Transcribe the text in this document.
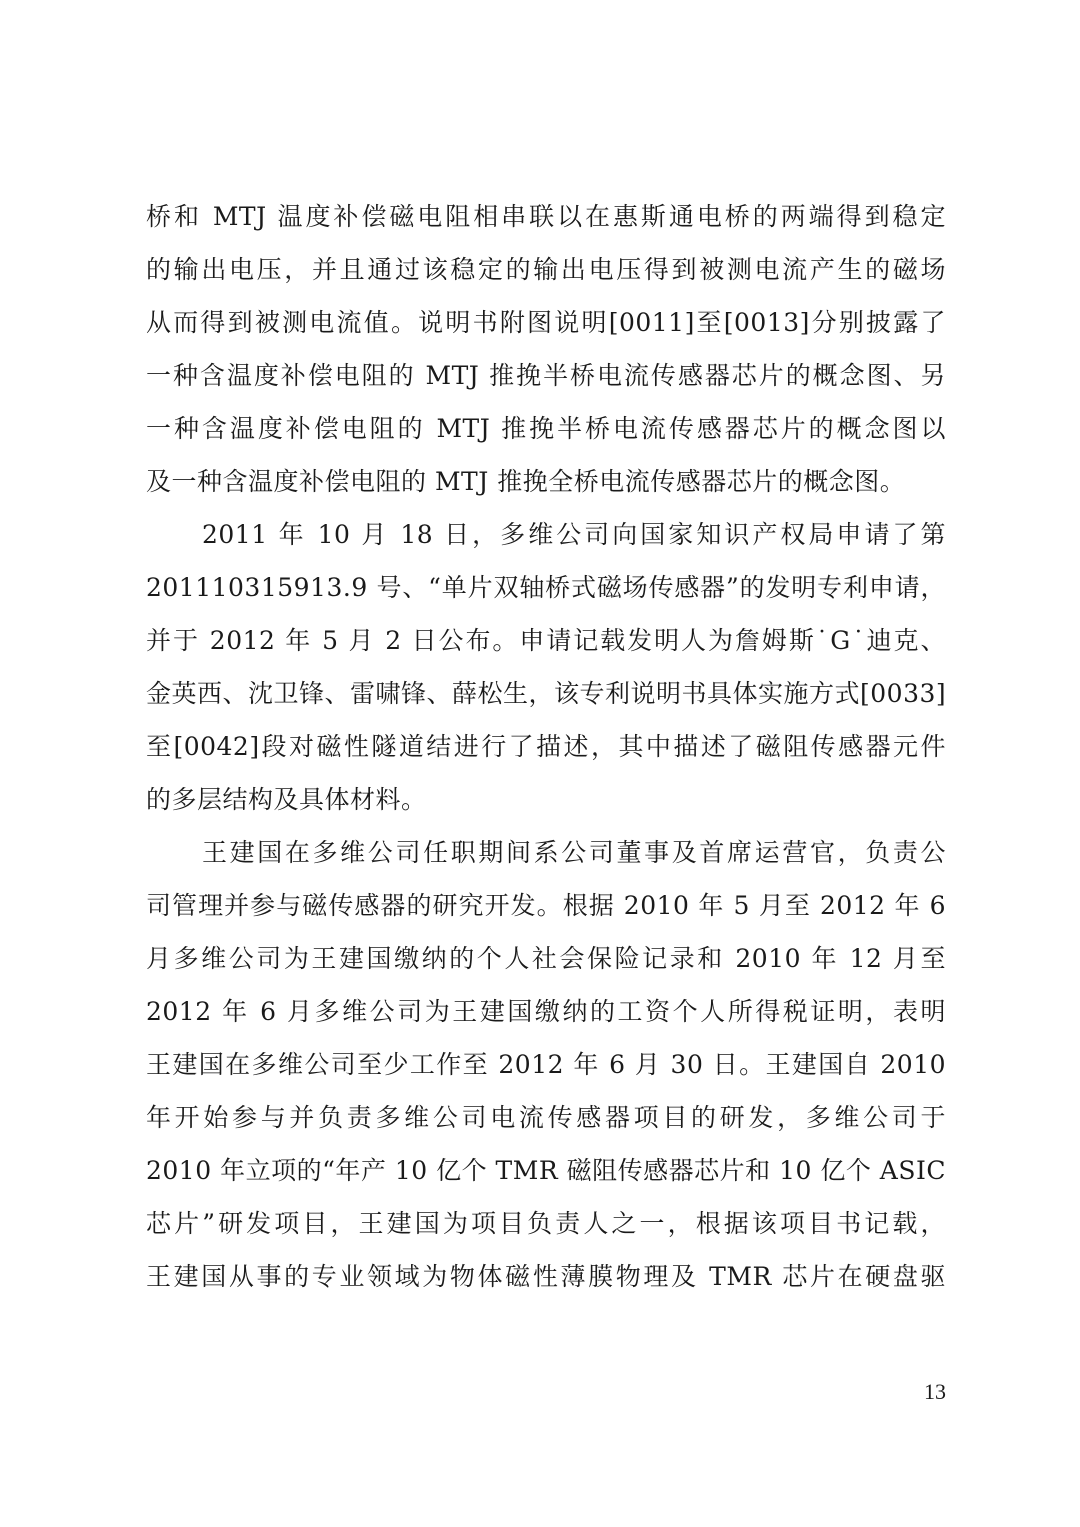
桥和 MTJ 温度补偿磁电阻相串联以在惠斯通电桥的两端得到稳定
的输出电压，并且通过该稳定的输出电压得到被测电流产生的磁场
从而得到被测电流值。说明书附图说明[0011]至[0013]分别披露了
一种含温度补偿电阻的 MTJ 推挽半桥电流传感器芯片的概念图、另
一种含温度补偿电阻的 MTJ 推挽半桥电流传感器芯片的概念图以
及一种含温度补偿电阻的 MTJ 推挽全桥电流传感器芯片的概念图。
2011 年 10 月 18 日，多维公司向国家知识产权局申请了第
201110315913.9 号、“单片双轴桥式磁场传感器”的发明专利申请，
并于 2012 年 5 月 2 日公布。申请记载发明人为詹姆斯˙G˙迪克、
金英西、沈卫锋、雷啸锋、薛松生，该专利说明书具体实施方式[0033]
至[0042]段对磁性隧道结进行了描述，其中描述了磁阻传感器元件
的多层结构及具体材料。
王建国在多维公司任职期间系公司董事及首席运营官，负责公
司管理并参与磁传感器的研究开发。根据 2010 年 5 月至 2012 年 6
月多维公司为王建国缴纳的个人社会保险记录和 2010 年 12 月至
2012 年 6 月多维公司为王建国缴纳的工资个人所得税证明，表明
王建国在多维公司至少工作至 2012 年 6 月 30 日。王建国自 2010
年开始参与并负责多维公司电流传感器项目的研发，多维公司于
2010 年立项的“年产 10 亿个 TMR 磁阻传感器芯片和 10 亿个 ASIC
芯片”研发项目，王建国为项目负责人之一，根据该项目书记载，
王建国从事的专业领域为物体磁性薄膜物理及 TMR 芯片在硬盘驱
13
